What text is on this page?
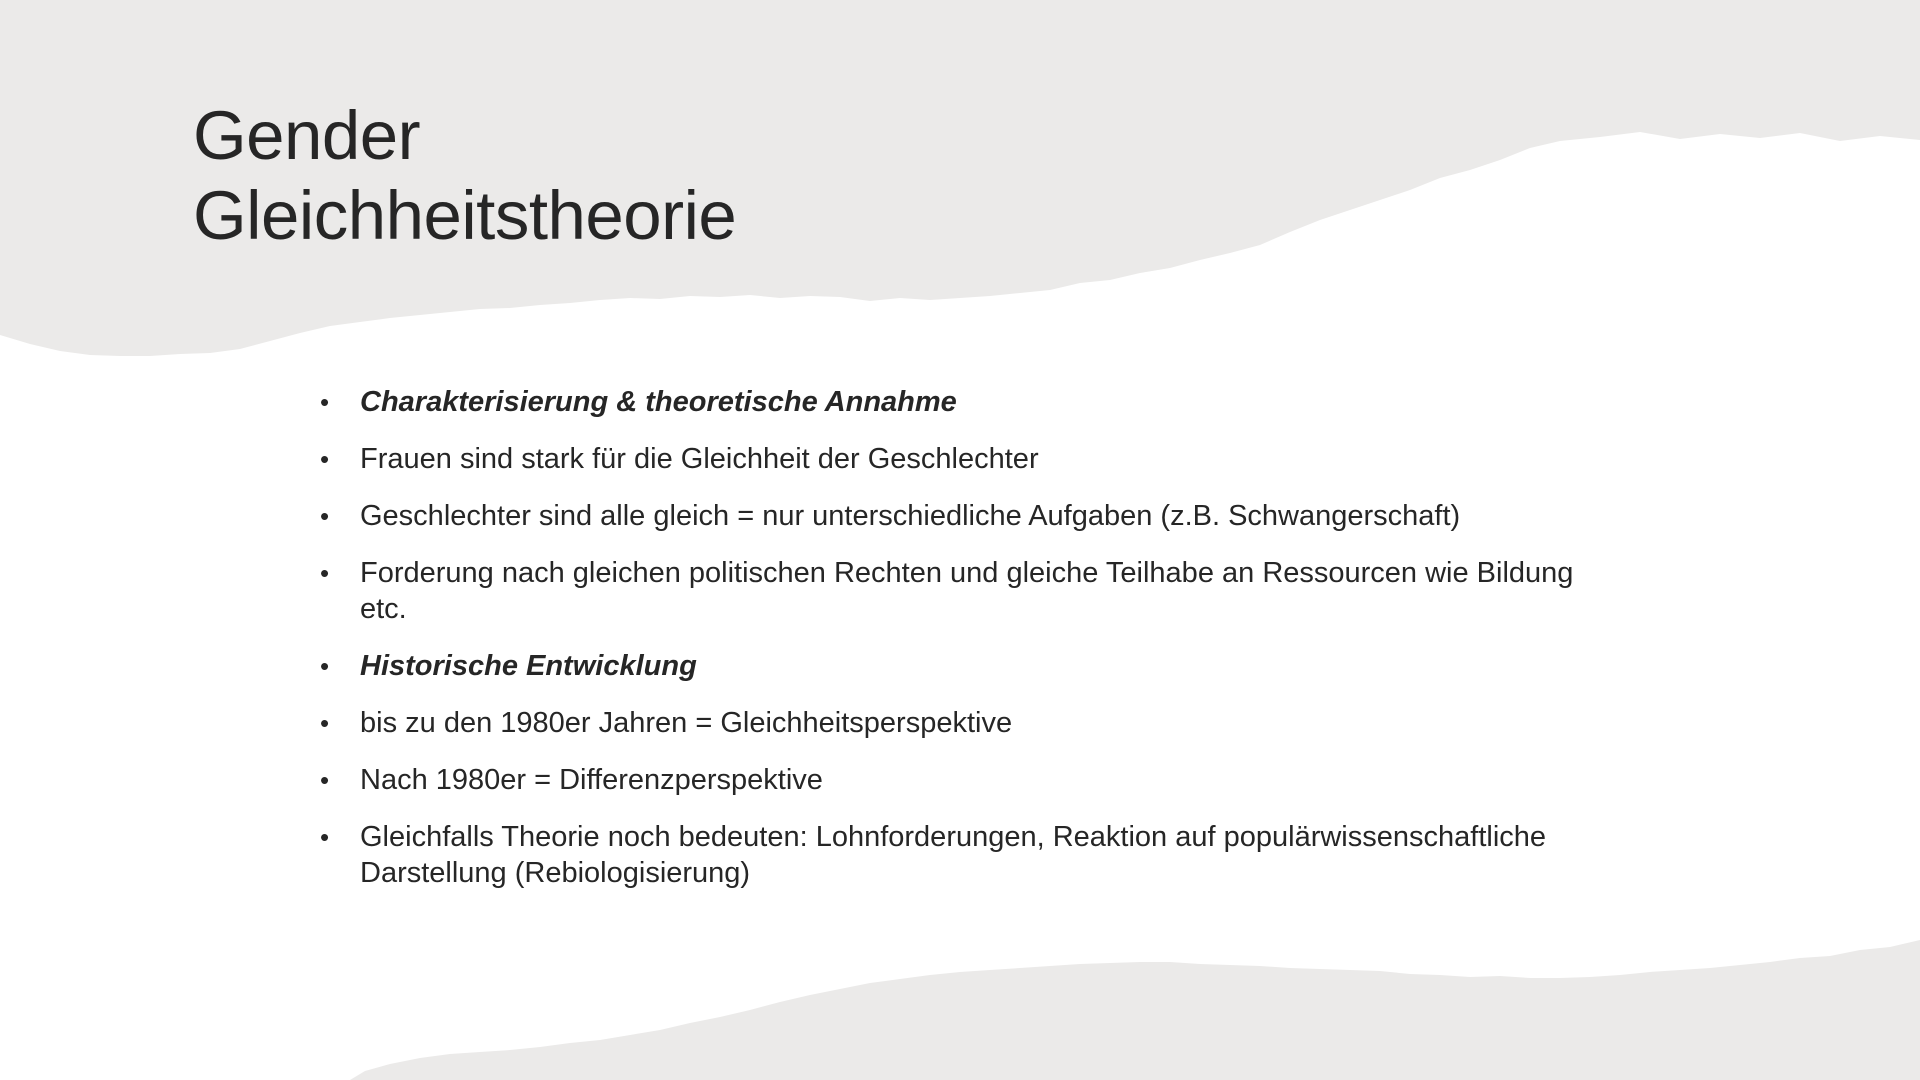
Gender
Gleichheitstheorie
•	Charakterisierung & theoretische Annahme
•	Frauen sind stark für die Gleichheit der Geschlechter
•	Geschlechter sind alle gleich = nur unterschiedliche Aufgaben (z.B. Schwangerschaft)
•	Forderung nach gleichen politischen Rechten und gleiche Teilhabe an Ressourcen wie Bildung etc.
•	Historische Entwicklung
•	bis zu den 1980er Jahren = Gleichheitsperspektive
•	Nach 1980er = Differenzperspektive
•	Gleichfalls Theorie noch bedeuten: Lohnforderungen, Reaktion auf populärwissenschaftliche Darstellung (Rebiologisierung)
